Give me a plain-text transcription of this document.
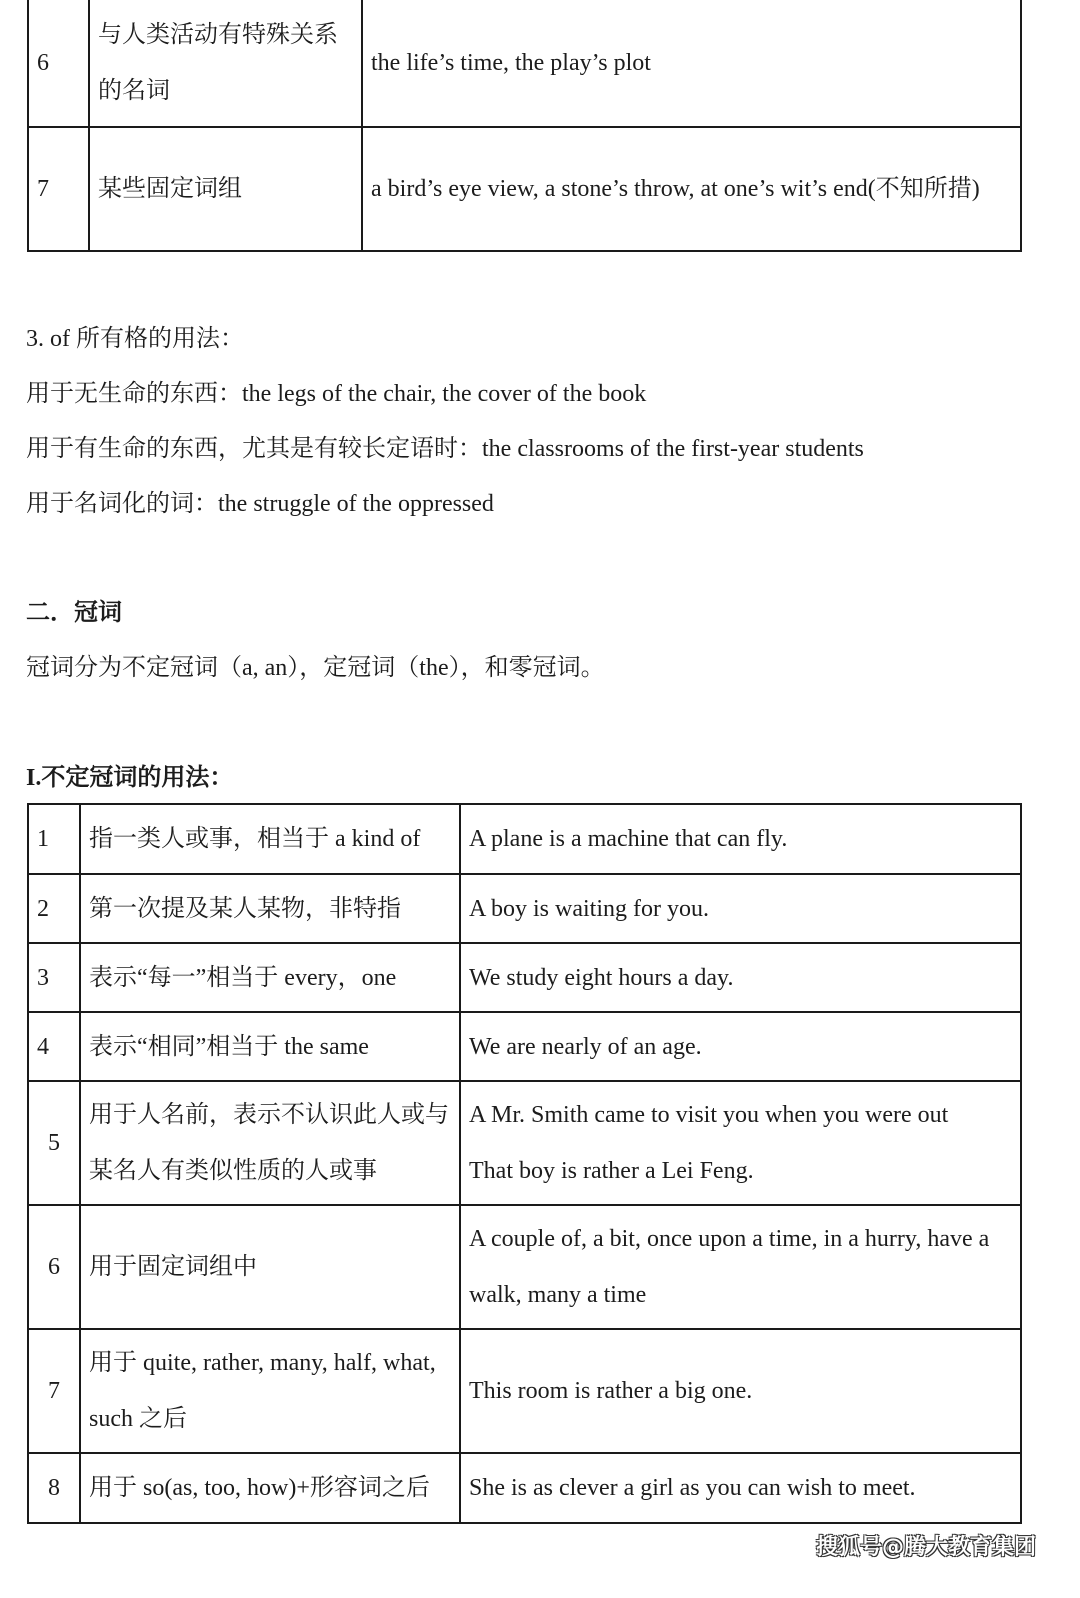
6	与人类活动有特殊关系的名词	the life’s time, the play’s plot
7	某些固定词组	a bird’s eye view, a stone’s throw, at one’s wit’s end(不知所措)
3. of 所有格的用法：
用于无生命的东西：the legs of the chair, the cover of the book
用于有生命的东西，尤其是有较长定语时：the classrooms of the first-year students
用于名词化的词：the struggle of the oppressed
二．冠词
冠词分为不定冠词（a, an），定冠词（the），和零冠词。
I.不定冠词的用法：
1	指一类人或事，相当于 a kind of	A plane is a machine that can fly.
2	第一次提及某人某物，非特指	A boy is waiting for you.
3	表示“每一”相当于 every，one	We study eight hours a day.
4	表示“相同”相当于 the same	We are nearly of an age.
5	用于人名前，表示不认识此人或与某名人有类似性质的人或事	A Mr. Smith came to visit you when you were out
That boy is rather a Lei Feng.

6	用于固定词组中	A couple of, a bit, once upon a time, in a hurry, have a walk, many a time
7	用于 quite, rather, many, half, what, such 之后	This room is rather a big one.
8	用于 so(as, too, how)+形容词之后	She is as clever a girl as you can wish to meet.
搜狐号@腾大教育集团
